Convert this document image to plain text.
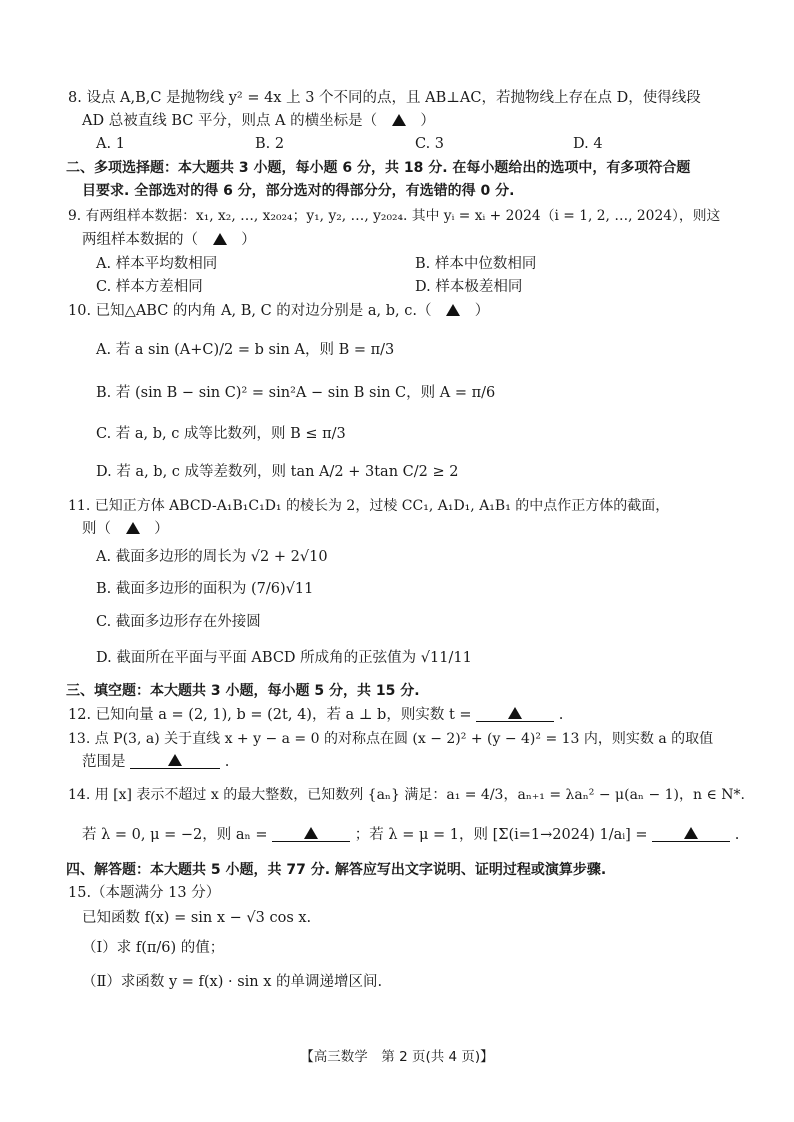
8. 设点 A,B,C 是抛物线 y² = 4x 上 3 个不同的点，且 AB⊥AC，若抛物线上存在点 D，使得线段
AD 总被直线 BC 平分，则点 A 的横坐标是（	）
A. 1	B. 2	C. 3	D. 4
二、多项选择题：本大题共 3 小题，每小题 6 分，共 18 分. 在每小题给出的选项中，有多项符合题
目要求. 全部选对的得 6 分，部分选对的得部分分，有选错的得 0 分.
9. 有两组样本数据：x₁, x₂, …, x₂₀₂₄；y₁, y₂, …, y₂₀₂₄. 其中 yᵢ = xᵢ + 2024（i = 1, 2, …, 2024），则这
两组样本数据的（	）
A. 样本平均数相同	B. 样本中位数相同
C. 样本方差相同	D. 样本极差相同
10. 已知△ABC 的内角 A, B, C 的对边分别是 a, b, c.（	）
A. 若 a sin (A+C)/2 = b sin A，则 B = π/3
B. 若 (sin B − sin C)² = sin²A − sin B sin C，则 A = π/6
C. 若 a, b, c 成等比数列，则 B ≤ π/3
D. 若 a, b, c 成等差数列，则 tan A/2 + 3tan C/2 ≥ 2
11. 已知正方体 ABCD-A₁B₁C₁D₁ 的棱长为 2，过棱 CC₁, A₁D₁, A₁B₁ 的中点作正方体的截面，
则（	）
A. 截面多边形的周长为 √2 + 2√10
B. 截面多边形的面积为 (7/6)√11
C. 截面多边形存在外接圆
D. 截面所在平面与平面 ABCD 所成角的正弦值为 √11/11
三、填空题：本大题共 3 小题，每小题 5 分，共 15 分.
12. 已知向量 a = (2, 1), b = (2t, 4)，若 a ⊥ b，则实数 t =	.
13. 点 P(3, a) 关于直线 x + y − a = 0 的对称点在圆 (x − 2)² + (y − 4)² = 13 内，则实数 a 的取值
范围是	.
14. 用 [x] 表示不超过 x 的最大整数，已知数列 {aₙ} 满足：a₁ = 4/3，aₙ₊₁ = λaₙ² − μ(aₙ − 1)，n ∈ N*.
若 λ = 0, μ = −2，则 aₙ =	；若 λ = μ = 1，则 [Σ(i=1→2024) 1/aᵢ] =	.
四、解答题：本大题共 5 小题，共 77 分. 解答应写出文字说明、证明过程或演算步骤.
15.（本题满分 13 分）
已知函数 f(x) = sin x − √3 cos x.
（Ⅰ）求 f(π/6) 的值；
（Ⅱ）求函数 y = f(x) · sin x 的单调递增区间.
【高三数学　第 2 页(共 4 页)】
